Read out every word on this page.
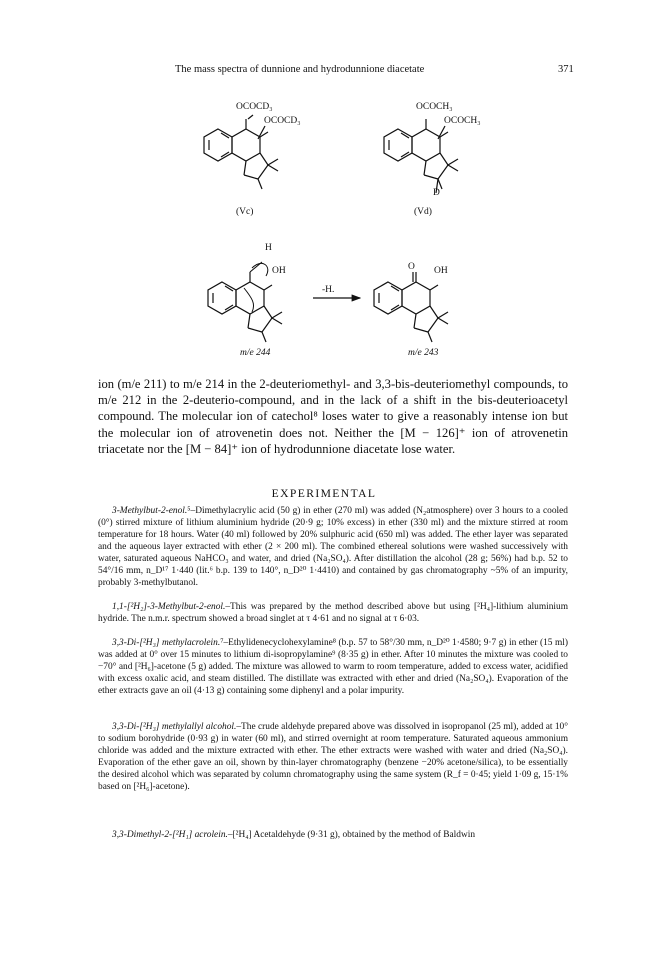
The mass spectra of dunnione and hydrodunnione diacetate	371
OCOCD₃
OCOCD₃
(Vc)
OCOCH₃
OCOCH₃
D
(Vd)
H
OH
m/e 244
-H.
O OH
m/e 243
ion (m/e 211) to m/e 214 in the 2-deuteriomethyl- and 3,3-bis-deuteriomethyl compounds, to m/e 212 in the 2-deuterio-compound, and in the lack of a shift in the bis-deuterioacetyl compound. The molecular ion of catechol⁸ loses water to give a reasonably intense ion but the molecular ion of atrovenetin does not. Neither the [M − 126]⁺ ion of atrovenetin triacetate nor the [M − 84]⁺ ion of hydrodunnione diacetate lose water.
EXPERIMENTAL
3-Methylbut-2-enol.⁵–Dimethylacrylic acid (50 g) in ether (270 ml) was added (N₂atmosphere) over 3 hours to a cooled (0°) stirred mixture of lithium aluminium hydride (20·9 g; 10% excess) in ether (330 ml) and the mixture stirred at room temperature for 18 hours. Water (40 ml) followed by 20% sulphuric acid (650 ml) was added. The ether layer was separated and the aqueous layer extracted with ether (2 × 200 ml). The combined ethereal solutions were washed successively with water, saturated aqueous NaHCO₃ and water, and dried (Na₂SO₄). After distillation the alcohol (28 g; 56%) had b.p. 52 to 54°/16 mm, n_D¹⁷ 1·440 (lit.⁶ b.p. 139 to 140°, n_D²⁰ 1·4410) and contained by gas chromatography ~5% of an impurity, probably 3-methylbutanol.
1,1-[²H₂]-3-Methylbut-2-enol.–This was prepared by the method described above but using [²H₄]-lithium aluminium hydride. The n.m.r. spectrum showed a broad singlet at τ 4·61 and no signal at τ 6·03.
3,3-Di-[²H₃] methylacrolein.⁷–Ethylidenecyclohexylamine⁸ (b.p. 57 to 58°/30 mm, n_D²⁰ 1·4580; 9·7 g) in ether (15 ml) was added at 0° over 15 minutes to lithium di-isopropylamine⁹ (8·35 g) in ether. After 10 minutes the mixture was cooled to −70° and [²H₆]-acetone (5 g) added. The mixture was allowed to warm to room temperature, added to excess water, acidified with excess oxalic acid, and steam distilled. The distillate was extracted with ether and dried (Na₂SO₄). Evaporation of the ether extracts gave an oil (4·13 g) containing some diphenyl and a polar impurity.
3,3-Di-[²H₃] methylallyl alcohol.–The crude aldehyde prepared above was dissolved in isopropanol (25 ml), added at 10° to sodium borohydride (0·93 g) in water (60 ml), and stirred overnight at room temperature. Saturated aqueous ammonium chloride was added and the mixture extracted with ether. The ether extracts were washed with water and dried (Na₂SO₄). Evaporation of the ether gave an oil, shown by thin-layer chromatography (benzene −20% acetone/silica), to be essentially the desired alcohol which was separated by column chromatography using the same system (R_f = 0·45; yield 1·09 g, 15·1% based on [²H₆]-acetone).
3,3-Dimethyl-2-[²H₁] acrolein.–[²H₄] Acetaldehyde (9·31 g), obtained by the method of Baldwin
